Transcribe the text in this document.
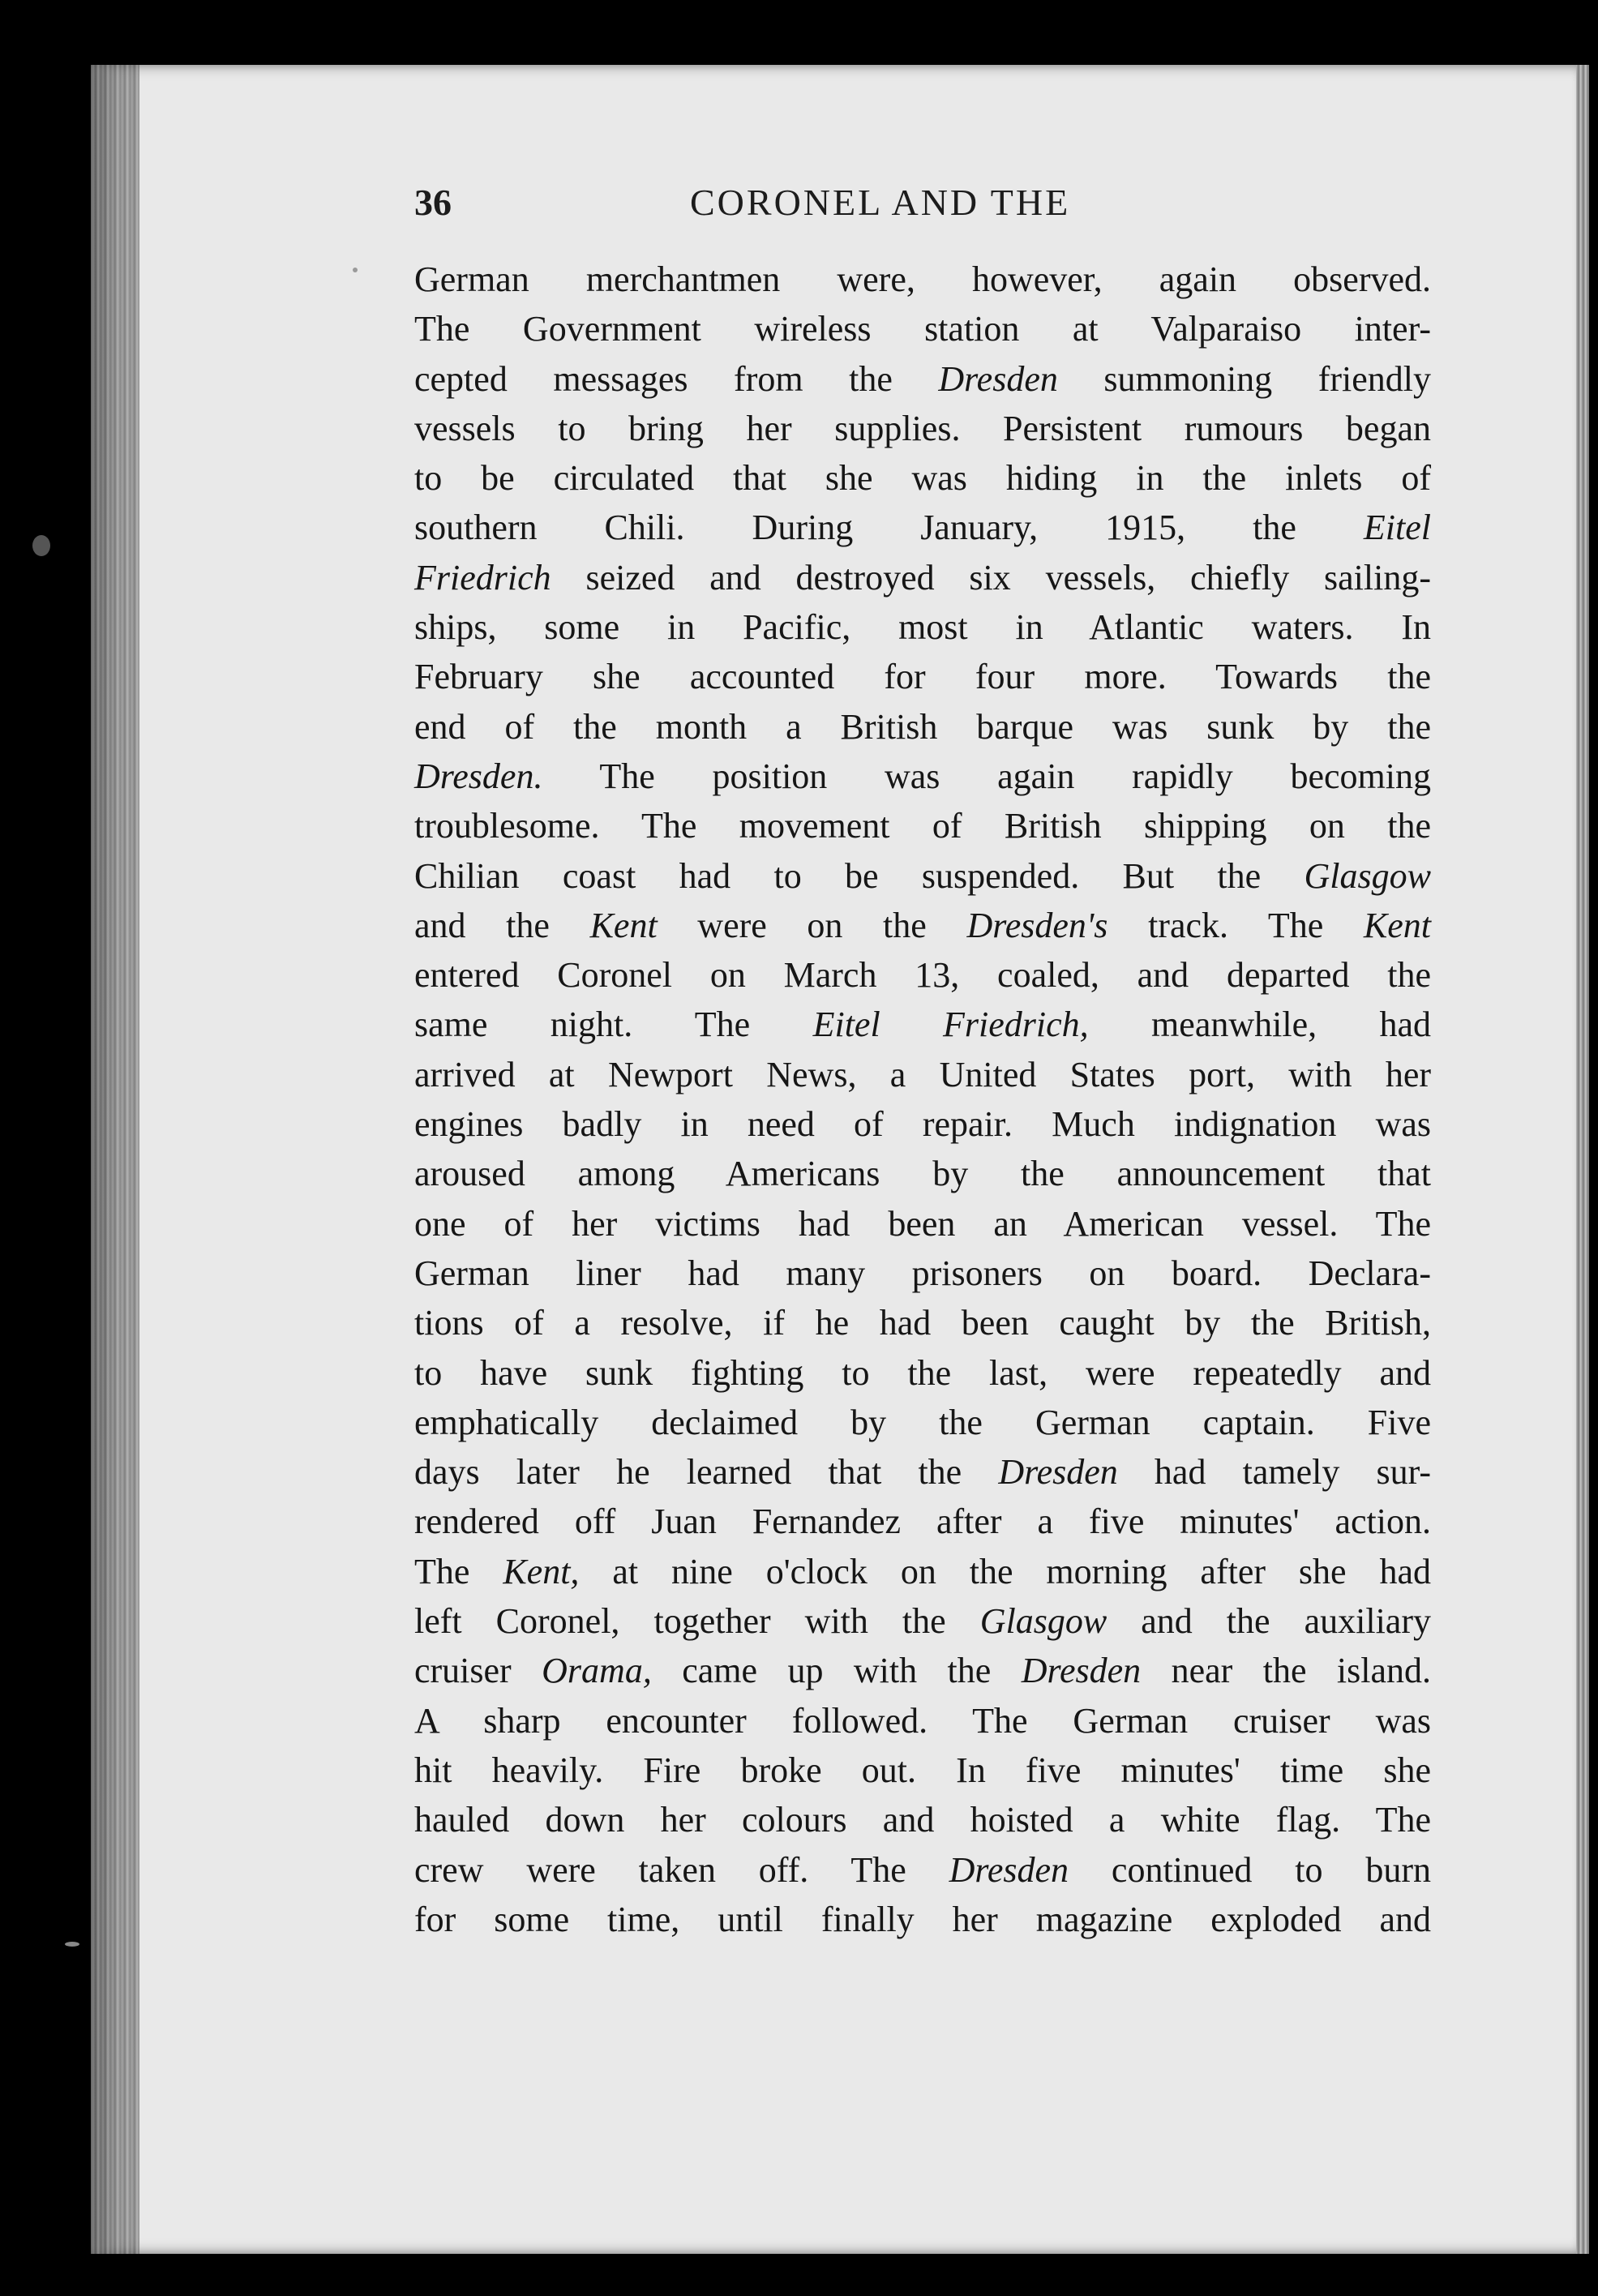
36	CORONEL AND THE
German merchantmen were, however, again observed.
The Government wireless station at Valparaiso inter-
cepted messages from the Dresden summoning friendly
vessels to bring her supplies. Persistent rumours began
to be circulated that she was hiding in the inlets of
southern Chili. During January, 1915, the Eitel
Friedrich seized and destroyed six vessels, chiefly sailing-
ships, some in Pacific, most in Atlantic waters. In
February she accounted for four more. Towards the
end of the month a British barque was sunk by the
Dresden. The position was again rapidly becoming
troublesome. The movement of British shipping on the
Chilian coast had to be suspended. But the Glasgow
and the Kent were on the Dresden's track. The Kent
entered Coronel on March 13, coaled, and departed the
same night. The Eitel Friedrich, meanwhile, had
arrived at Newport News, a United States port, with her
engines badly in need of repair. Much indignation was
aroused among Americans by the announcement that
one of her victims had been an American vessel. The
German liner had many prisoners on board. Declara-
tions of a resolve, if he had been caught by the British,
to have sunk fighting to the last, were repeatedly and
emphatically declaimed by the German captain. Five
days later he learned that the Dresden had tamely sur-
rendered off Juan Fernandez after a five minutes' action.
The Kent, at nine o'clock on the morning after she had
left Coronel, together with the Glasgow and the auxiliary
cruiser Orama, came up with the Dresden near the island.
A sharp encounter followed. The German cruiser was
hit heavily. Fire broke out. In five minutes' time she
hauled down her colours and hoisted a white flag. The
crew were taken off. The Dresden continued to burn
for some time, until finally her magazine exploded and
